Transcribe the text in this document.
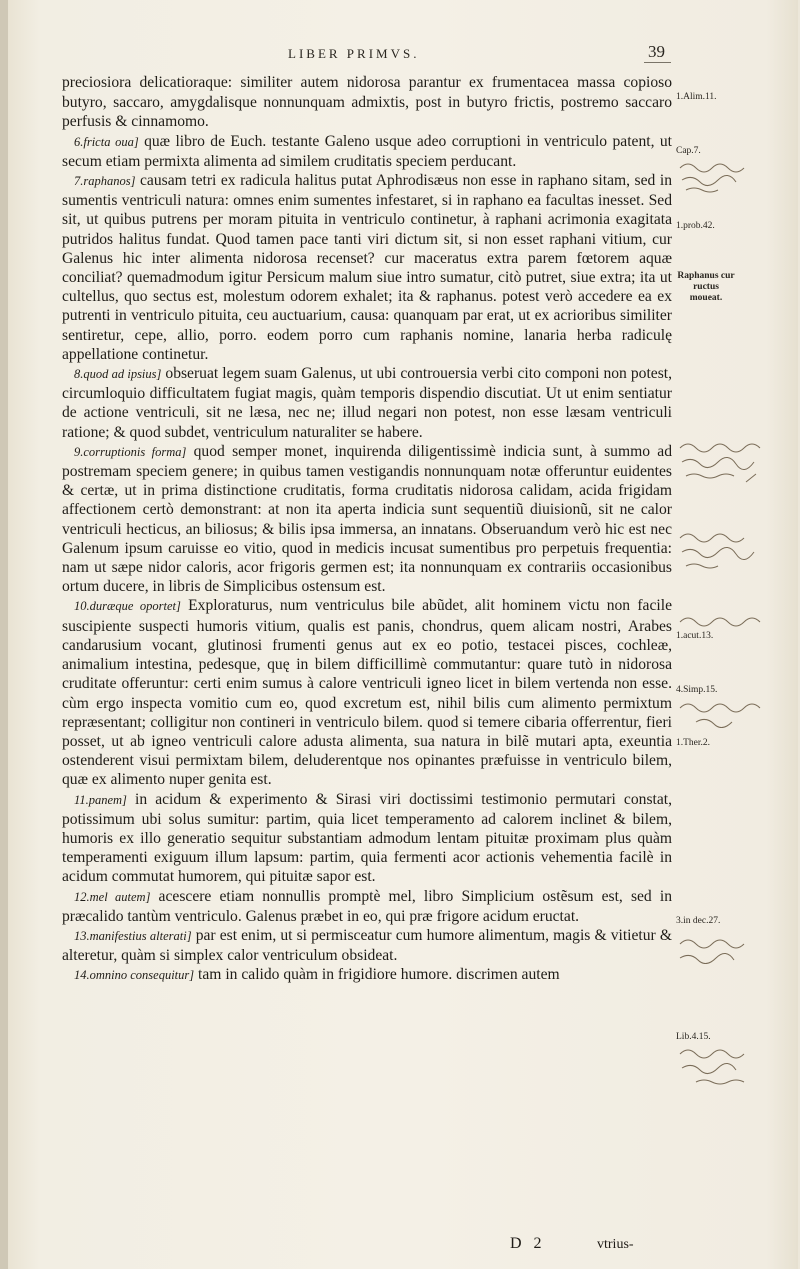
LIBER PRIMVS.	39

preciosiora delicatioraque: similiter autem nidorosa parantur ex frumentacea massa copioso butyro, saccaro, amygdalisque nonnunquam admixtis, post in butyro frictis, postremo saccaro perfusis & cinnamomo.

6.fricta oua] quæ libro de Euch. testante Galeno usque adeo corruptioni in ventriculo patent, ut secum etiam permixta alimenta ad similem cruditatis speciem perducant.

7.raphanos] causam tetri ex radicula halitus putat Aphrodisæus non esse in raphano sitam, sed in sumentis ventriculi natura: omnes enim sumentes infestaret, si in raphano ea facultas inesset. Sed sit, ut quibus putrens per moram pituita in ventriculo continetur, à raphani acrimonia exagitata putridos halitus fundat. Quod tamen pace tanti viri dictum sit, si non esset raphani vitium, cur Galenus hic inter alimenta nidorosa recenset? cur maceratus extra parem fœtorem aquæ conciliat? quemadmodum igitur Persicum malum siue intro sumatur, citò putret, siue extra; ita ut cultellus, quo sectus est, molestum odorem exhalet; ita & raphanus. potest verò accedere ea ex putrenti in ventriculo pituita, ceu auctuarium, causa: quanquam par erat, ut ex acrioribus similiter sentiretur, cepe, allio, porro. eodem porro cum raphanis nomine, lanaria herba radiculę appellatione continetur.

8.quod ad ipsius] obseruat legem suam Galenus, ut ubi controuersia verbi cito componi non potest, circumloquio difficultatem fugiat magis, quàm temporis dispendio discutiat. Ut ut enim sentiatur de actione ventriculi, sit ne læsa, nec ne; illud negari non potest, non esse læsam ventriculi ratione; & quod subdet, ventriculum naturaliter se habere.

9.corruptionis forma] quod semper monet, inquirenda diligentissimè indicia sunt, à summo ad postremam speciem genere; in quibus tamen vestigandis nonnunquam notæ offeruntur euidentes & certæ, ut in prima distinctione cruditatis, forma cruditatis nidorosa calidam, acida frigidam affectionem certò demonstrant: at non ita aperta indicia sunt sequentiũ diuisionũ, sit ne calor ventriculi hecticus, an biliosus; & bilis ipsa immersa, an innatans. Obseruandum verò hic est nec Galenum ipsum caruisse eo vitio, quod in medicis incusat sumentibus pro perpetuis frequentia: nam ut sæpe nidor caloris, acor frigoris germen est; ita nonnunquam ex contrariis occasionibus ortum ducere, in libris de Simplicibus ostensum est.

10.duræque oportet] Exploraturus, num ventriculus bile abũdet, alit hominem victu non facile suscipiente suspecti humoris vitium, qualis est panis, chondrus, quem alicam nostri, Arabes candarusium vocant, glutinosi frumenti genus aut ex eo potio, testacei pisces, cochleæ, animalium intestina, pedesque, quę in bilem difficillimè commutantur: quare tutò in nidorosa cruditate offeruntur: certi enim sumus à calore ventriculi igneo licet in bilem vertenda non esse. cùm ergo inspecta vomitio cum eo, quod excretum est, nihil bilis cum alimento permixtum repræsentant; colligitur non contineri in ventriculo bilem. quod si temere cibaria offerrentur, fieri posset, ut ab igneo ventriculi calore adusta alimenta, sua natura in bilẽ mutari apta, exeuntia ostenderent visui permixtam bilem, deluderentque nos opinantes præfuisse in ventriculo bilem, quæ ex alimento nuper genita est.

11.panem] in acidum & experimento & Sirasi viri doctissimi testimonio permutari constat, potissimum ubi solus sumitur: partim, quia licet temperamento ad calorem inclinet & bilem, humoris ex illo generatio sequitur substantiam admodum lentam pituitæ proximam plus quàm temperamenti exiguum illum lapsum: partim, quia fermenti acor actionis vehementia facilè in acidum commutat humorem, qui pituitæ sapor est.

12.mel autem] acescere etiam nonnullis promptè mel, libro Simplicium ostẽsum est, sed in præcalido tantùm ventriculo. Galenus præbet in eo, qui præ frigore acidum eructat.

13.manifestius alterati] par est enim, ut si permisceatur cum humore alimentum, magis & vitietur & alteretur, quàm si simplex calor ventriculum obsideat.

14.omnino consequitur] tam in calido quàm in frigidiore humore. discrimen autem

1.Alim.11.
Cap.7.
1.prob.42.
Raphanus cur ructus moueat.
1.acut.13.
4.Simp.15.
1.Ther.2.
3.in dec.27.
Lib.4.15.
D 2	vtrius-
